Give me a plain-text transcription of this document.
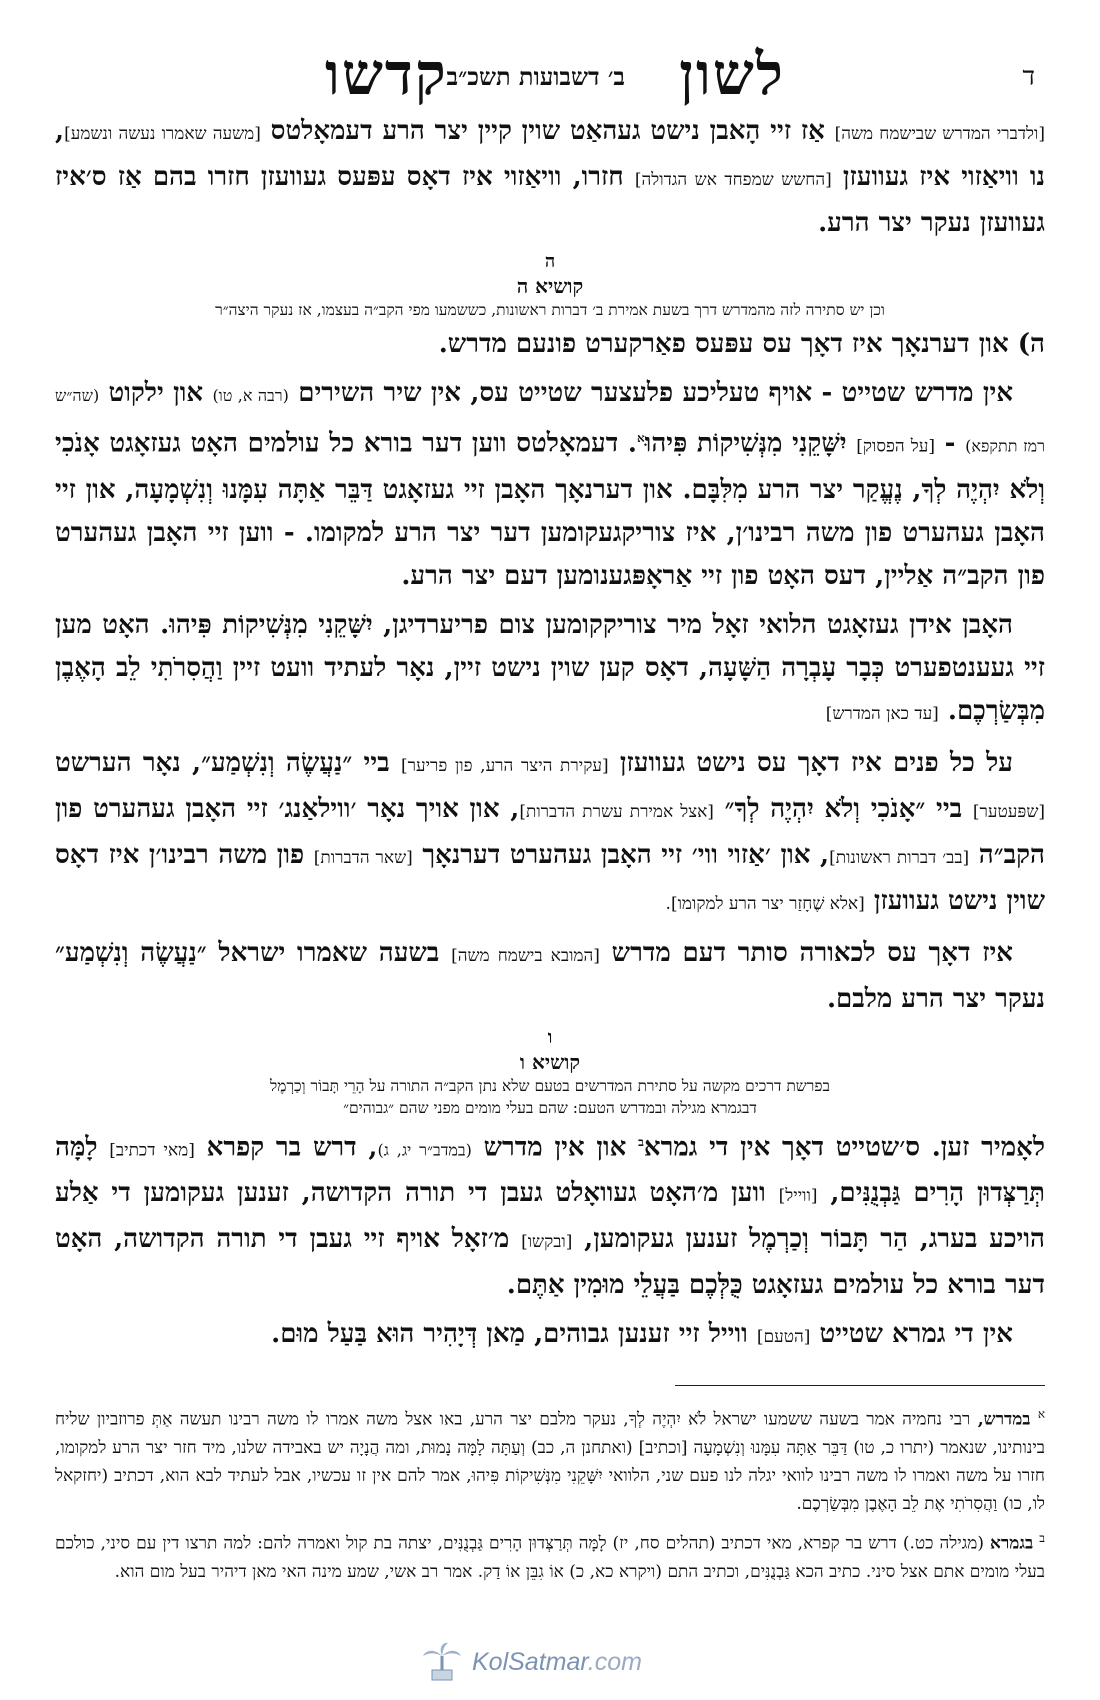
ד
לשון
ב׳ דשבועות תשכ״ב
קדשו

[ולדברי המדרש שבישמח משה] אַז זיי הָאבן נישט געהאַט שוין קיין יצר הרע דעמאָלטס [משעה שאמרו נעשה ונשמע], נו וויאַזוי איז געוועזן [החשש שמפחד אש הגדולה] חזרו, וויאַזוי איז דאָס עפּעס געוועזן חזרו בהם אַז ס׳איז געוועזן נעקר יצר הרע.

ה
קושיא ה
וכן יש סתירה לזה מהמדרש דרך בשעת אמירת ב׳ דברות ראשונות, כששמעו מפי הקב״ה בעצמו, אז נעקר היצה״ר

ה) און דערנאָך איז דאָך עס עפּעס פאַרקערט פונעם מדרש.

אין מדרש שטייט - אויף טעליכע פלעצער שטייט עס, אין שיר השירים (רבה א, טו) און ילקוט (שה״ש רמז תתקפא) - [על הפסוק] יִשָּׁקֵנִי מִנְּשִׁיקוֹת פִּיהוּ$^א$. דעמאָלטס ווען דער בורא כל עולמים האָט געזאָגט אָנֹכִי וְלֹא יִהְיֶה לְךָ, נֶעֱקַר יצר הרע מִלִּבָּם. און דערנאָך האָבן זיי געזאָגט דַּבֵּר אַתָּה עִמָּנוּ וְנִשְׁמָעָה, און זיי האָבן געהערט פון משה רבינו׳ן, איז צוריקגעקומען דער יצר הרע למקומו. - ווען זיי האָבן געהערט פון הקב״ה אַליין, דעס האָט פון זיי אַראָפּגענומען דעם יצר הרע.

האָבן אידן געזאָגט הלואי זאָל מיר צוריקקומען צום פריערדיגן, יִשָּׁקֵנִי מִנְּשִׁיקוֹת פִּיהוּ. האָט מען זיי געענטפערט כְּבָר עָבְרָה הַשָּׁעָה, דאָס קען שוין נישט זיין, נאָר לעתיד וועט זיין וַהֲסִרֹתִי לֵב הָאֶבֶן מִבְּשַׂרְכֶם. [עד כאן המדרש]

על כל פנים איז דאָך עס נישט געוועזן [עקירת היצר הרע, פון פריער] ביי ״נַעֲשֶׂה וְנִשְׁמַע״, נאָר הערשט [שפּעטער] ביי ״אָנֹכִי וְלֹא יִהְיֶה לְךָ״ [אצל אמירת עשרת הדברות], און אויך נאָר ׳ווילאַנג׳ זיי האָבן געהערט פון הקב״ה [בב׳ דברות ראשונות], און ׳אַזוי ווי׳ זיי האָבן געהערט דערנאָך [שאר הדברות] פון משה רבינו׳ן איז דאָס שוין נישט געוועזן [אלא שֶׁחָזַר יצר הרע למקומו].

איז דאָך עס לכאורה סותר דעם מדרש [המובא בישמח משה] בשעה שאמרו ישראל ״נַעֲשֶׂה וְנִשְׁמַע״ נעקר יצר הרע מלבם.

ו
קושיא ו
בפרשת דרכים מקשה על סתירת המדרשים בטעם שלא נתן הקב״ה התורה על הָרֵי תָּבוֹר וְכַרְמֶל
דבגמרא מגילה ובמדרש הטעם: שהם בעלי מומים מפני שהם ״גבוהים״

לאָמיר זען. ס׳שטייט דאָך אין די גמרא$^ב$ און אין מדרש (במדב״ר יג, ג), דרש בר קפרא [מאי דכתיב] לָמָּה תְּרַצְּדוּן הָרִים גַּבְנֻנִּים, [ווייל] ווען מ׳האָט געוואָלט געבן די תורה הקדושה, זענען געקומען די אַלע הויכע בערג, הַר תָּבוֹר וְכַרְמֶל זענען געקומען, [ובקשו] מ׳זאָל אויף זיי געבן די תורה הקדושה, האָט דער בורא כל עולמים געזאָגט כֻּלְּכֶם בַּעֲלֵי מוּמִין אַתֶּם.

אין די גמרא שטייט [הטעם] ווייל זיי זענען גבוהים, מַאן דְּיָהִיר הוּא בַּעַל מוּם.

$^א$ במדרש, רבי נחמיה אמר בשעה ששמעו ישראל לֹא יִהְיֶה לְךָ, נעקר מלבם יצר הרע, באו אצל משה אמרו לו משה רבינו תעשה אַתְּ פרוזביון שליח בינותינו, שנאמר (יתרו כ, טו) דַּבֵּר אַתָּה עִמָּנוּ וְנִשְׁמָעָה [וכתיב] (ואתחנן ה, כב) וְעַתָּה לָמָּה נָמוּת, ומה הֲנָיָה יש באבידה שלנו, מיד חזר יצר הרע למקומו, חזרו על משה ואמרו לו משה רבינו לוואי יגלה לנו פעם שני, הלוואי יִשָּׁקֵנִי מִנְּשִׁיקוֹת פִּיהוּ, אמר להם אין זו עכשיו, אבל לעתיד לבא הוא, דכתיב (יחזקאל לו, כו) וַהֲסִרֹתִי אֶת לֵב הָאֶבֶן מִבְּשַׂרְכֶם.

$^ב$ בגמרא (מגילה כט.) דרש בר קפרא, מאי דכתיב (תהלים סח, יז) לָמָּה תְּרַצְּדוּן הָרִים גַּבְנֻנִּים, יצתה בת קול ואמרה להם: למה תרצו דין עם סיני, כולכם בעלי מומים אתם אצל סיני. כתיב הכא גַּבְנֻנִּים, וכתיב התם (ויקרא כא, כ) אוֹ גִבֵּן אוֹ דַק. אמר רב אשי, שמע מינה האי מאן דיהיר בעל מום הוא.

KolSatmar.com
